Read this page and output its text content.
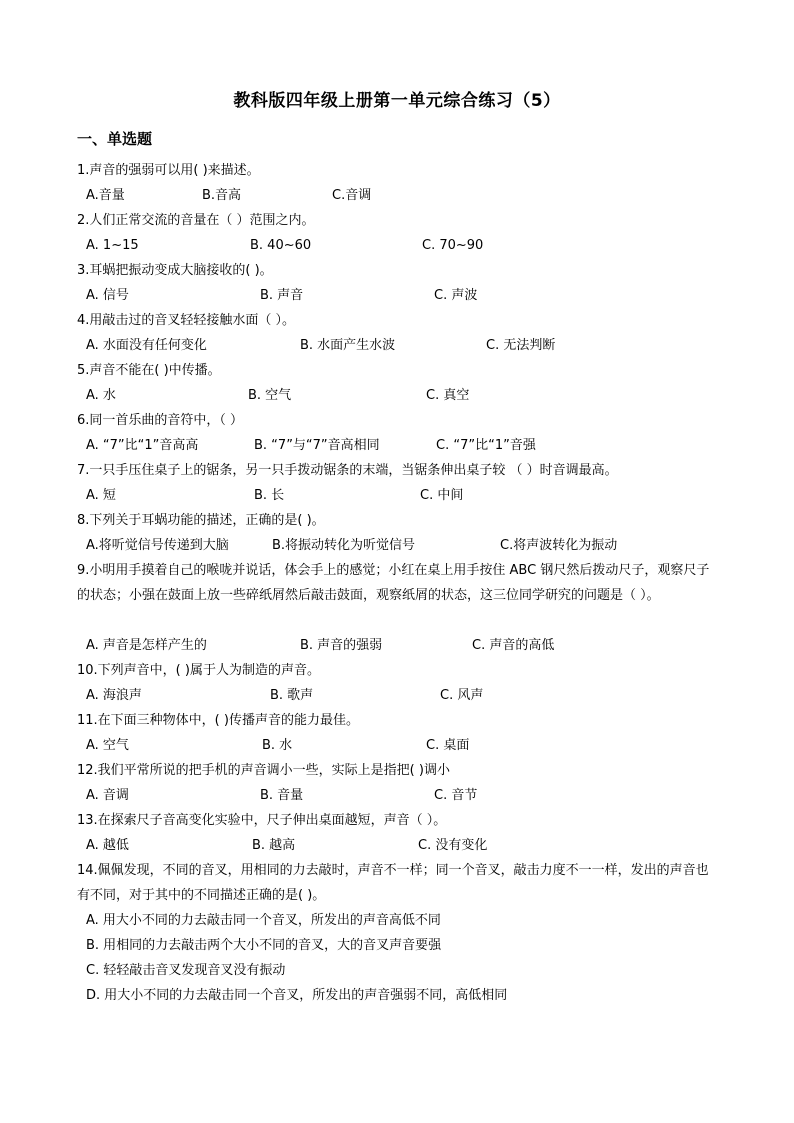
教科版四年级上册第一单元综合练习（5）
一、单选题
1.声音的强弱可以用( )来描述。
A.音量	B.音高	C.音调
2.人们正常交流的音量在（ ）范围之内。
A. 1~15	B. 40~60	C. 70~90
3.耳蜗把振动变成大脑接收的( )。
A. 信号	B. 声音	C. 声波
4.用敲击过的音叉轻轻接触水面（ ）。
A. 水面没有任何变化	B. 水面产生水波	C. 无法判断
5.声音不能在( )中传播。
A. 水	B. 空气	C. 真空
6.同一首乐曲的音符中，（ ）
A. “7”比“1”音高高	B. “7”与“7”音高相同	C. “7”比“1”音强
7.一只手压住桌子上的锯条，另一只手拨动锯条的末端，当锯条伸出桌子较 （ ）时音调最高。
A. 短	B. 长	C. 中间
8.下列关于耳蜗功能的描述，正确的是( )。
A.将听觉信号传递到大脑	B.将振动转化为听觉信号	C.将声波转化为振动
9.小明用手摸着自己的喉咙并说话，体会手上的感觉；小红在桌上用手按住 ABC 钢尺然后拨动尺子，观察尺子的状态；小强在鼓面上放一些碎纸屑然后敲击鼓面，观察纸屑的状态，这三位同学研究的问题是（ ）。
A. 声音是怎样产生的	B. 声音的强弱	C. 声音的高低
10.下列声音中，( )属于人为制造的声音。
A. 海浪声	B. 歌声	C. 风声
11.在下面三种物体中，( )传播声音的能力最佳。
A. 空气	B. 水	C. 桌面
12.我们平常所说的把手机的声音调小一些，实际上是指把( )调小
A. 音调	B. 音量	C. 音节
13.在探索尺子音高变化实验中，尺子伸出桌面越短，声音（ ）。
A. 越低	B. 越高	C. 没有变化
14.佩佩发现，不同的音叉，用相同的力去敲时，声音不一样；同一个音叉，敲击力度不一一样，发出的声音也有不同，对于其中的不同描述正确的是( )。
A. 用大小不同的力去敲击同一个音叉，所发出的声音高低不同
B. 用相同的力去敲击两个大小不同的音叉，大的音叉声音要强
C. 轻轻敲击音叉发现音叉没有振动
D. 用大小不同的力去敲击同一个音叉，所发出的声音强弱不同，高低相同
